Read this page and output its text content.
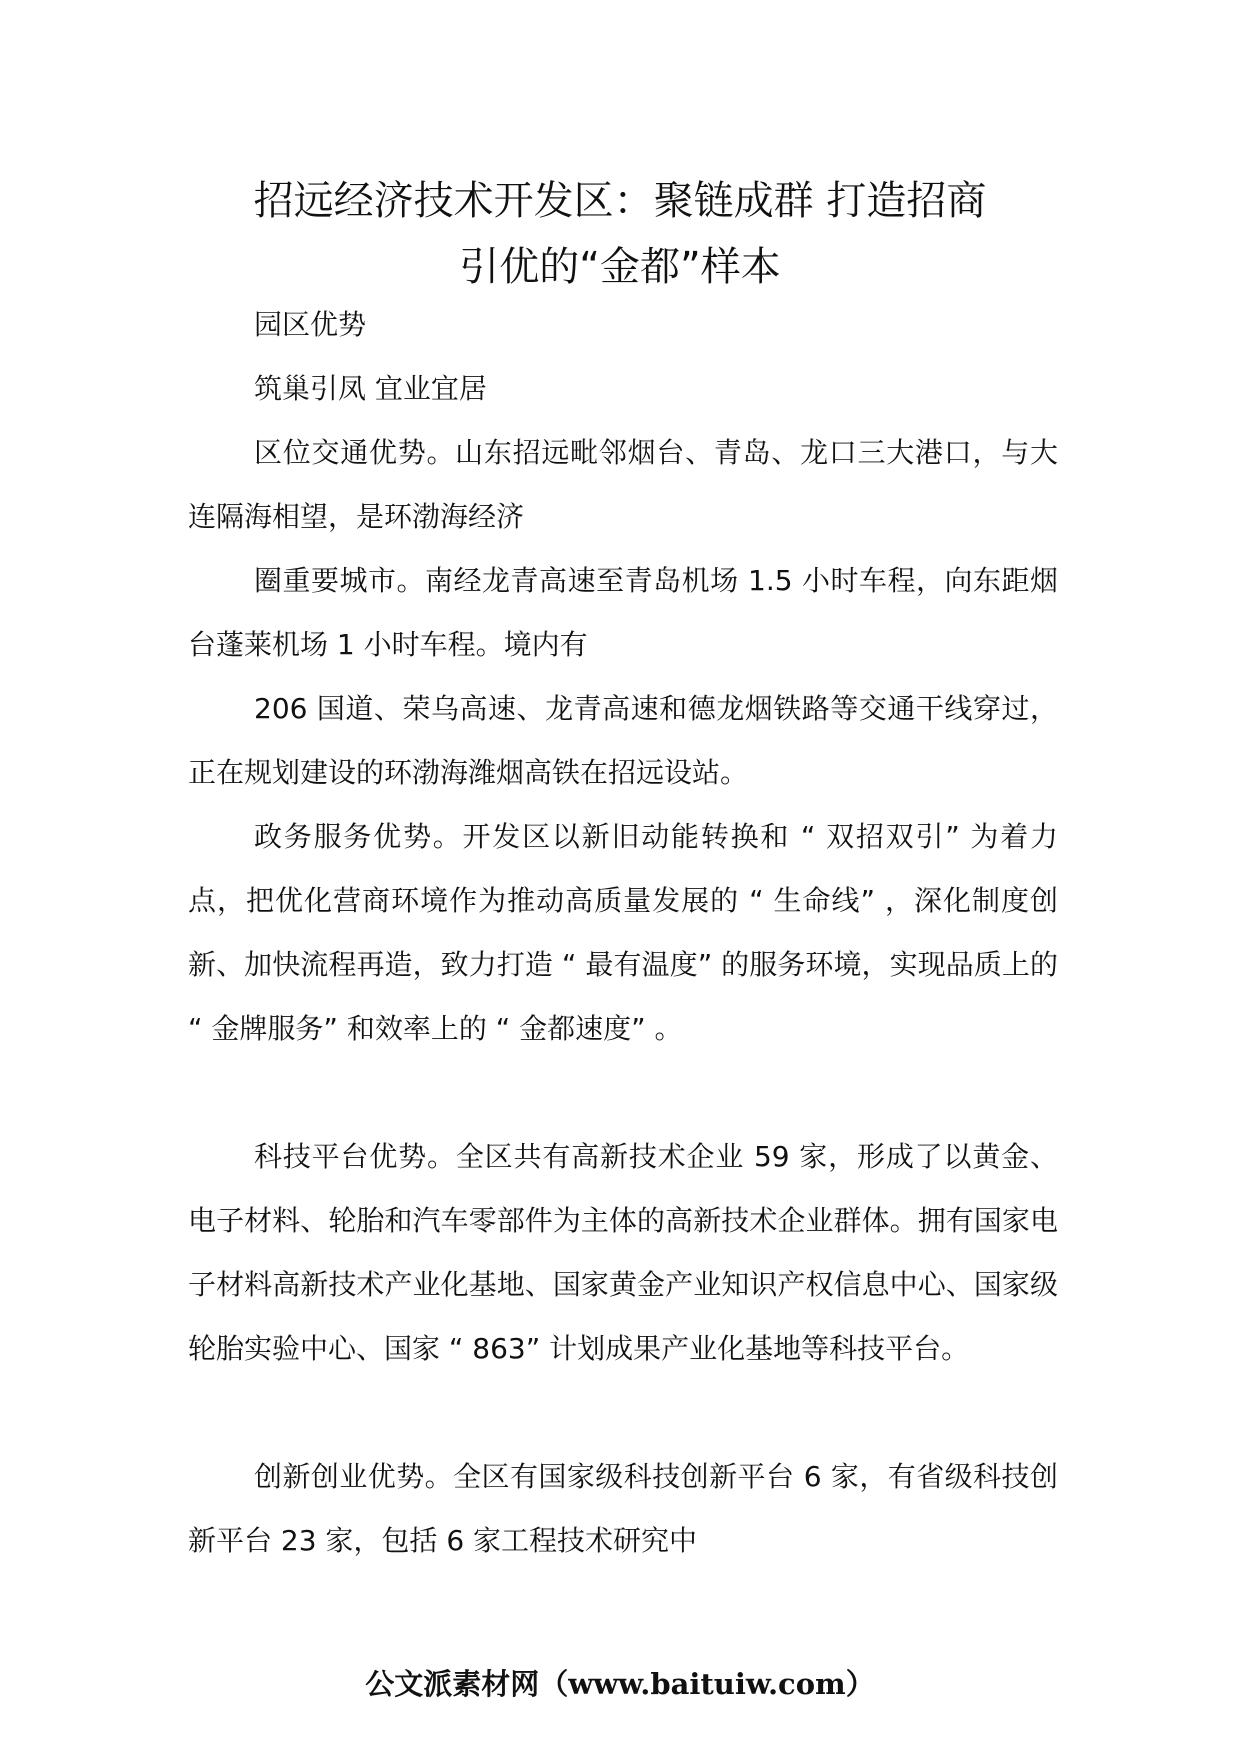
招远经济技术开发区：聚链成群 打造招商
引优的“金都”样本

园区优势

筑巢引凤 宜业宜居

区位交通优势。山东招远毗邻烟台、青岛、龙口三大港口，与大连隔海相望，是环渤海经济

圈重要城市。南经龙青高速至青岛机场 1.5 小时车程，向东距烟台蓬莱机场 1 小时车程。境内有

206 国道、荣乌高速、龙青高速和德龙烟铁路等交通干线穿过，正在规划建设的环渤海潍烟高铁在招远设站。

政务服务优势。开发区以新旧动能转换和 “ 双招双引” 为着力点，把优化营商环境作为推动高质量发展的 “ 生命线” ，深化制度创新、加快流程再造，致力打造 “ 最有温度” 的服务环境，实现品质上的 “ 金牌服务” 和效率上的 “ 金都速度” 。

科技平台优势。全区共有高新技术企业 59 家，形成了以黄金、电子材料、轮胎和汽车零部件为主体的高新技术企业群体。拥有国家电子材料高新技术产业化基地、国家黄金产业知识产权信息中心、国家级轮胎实验中心、国家 “ 863” 计划成果产业化基地等科技平台。

创新创业优势。全区有国家级科技创新平台 6 家，有省级科技创新平台 23 家，包括 6 家工程技术研究中

公文派素材网（www.baituiw.com）
